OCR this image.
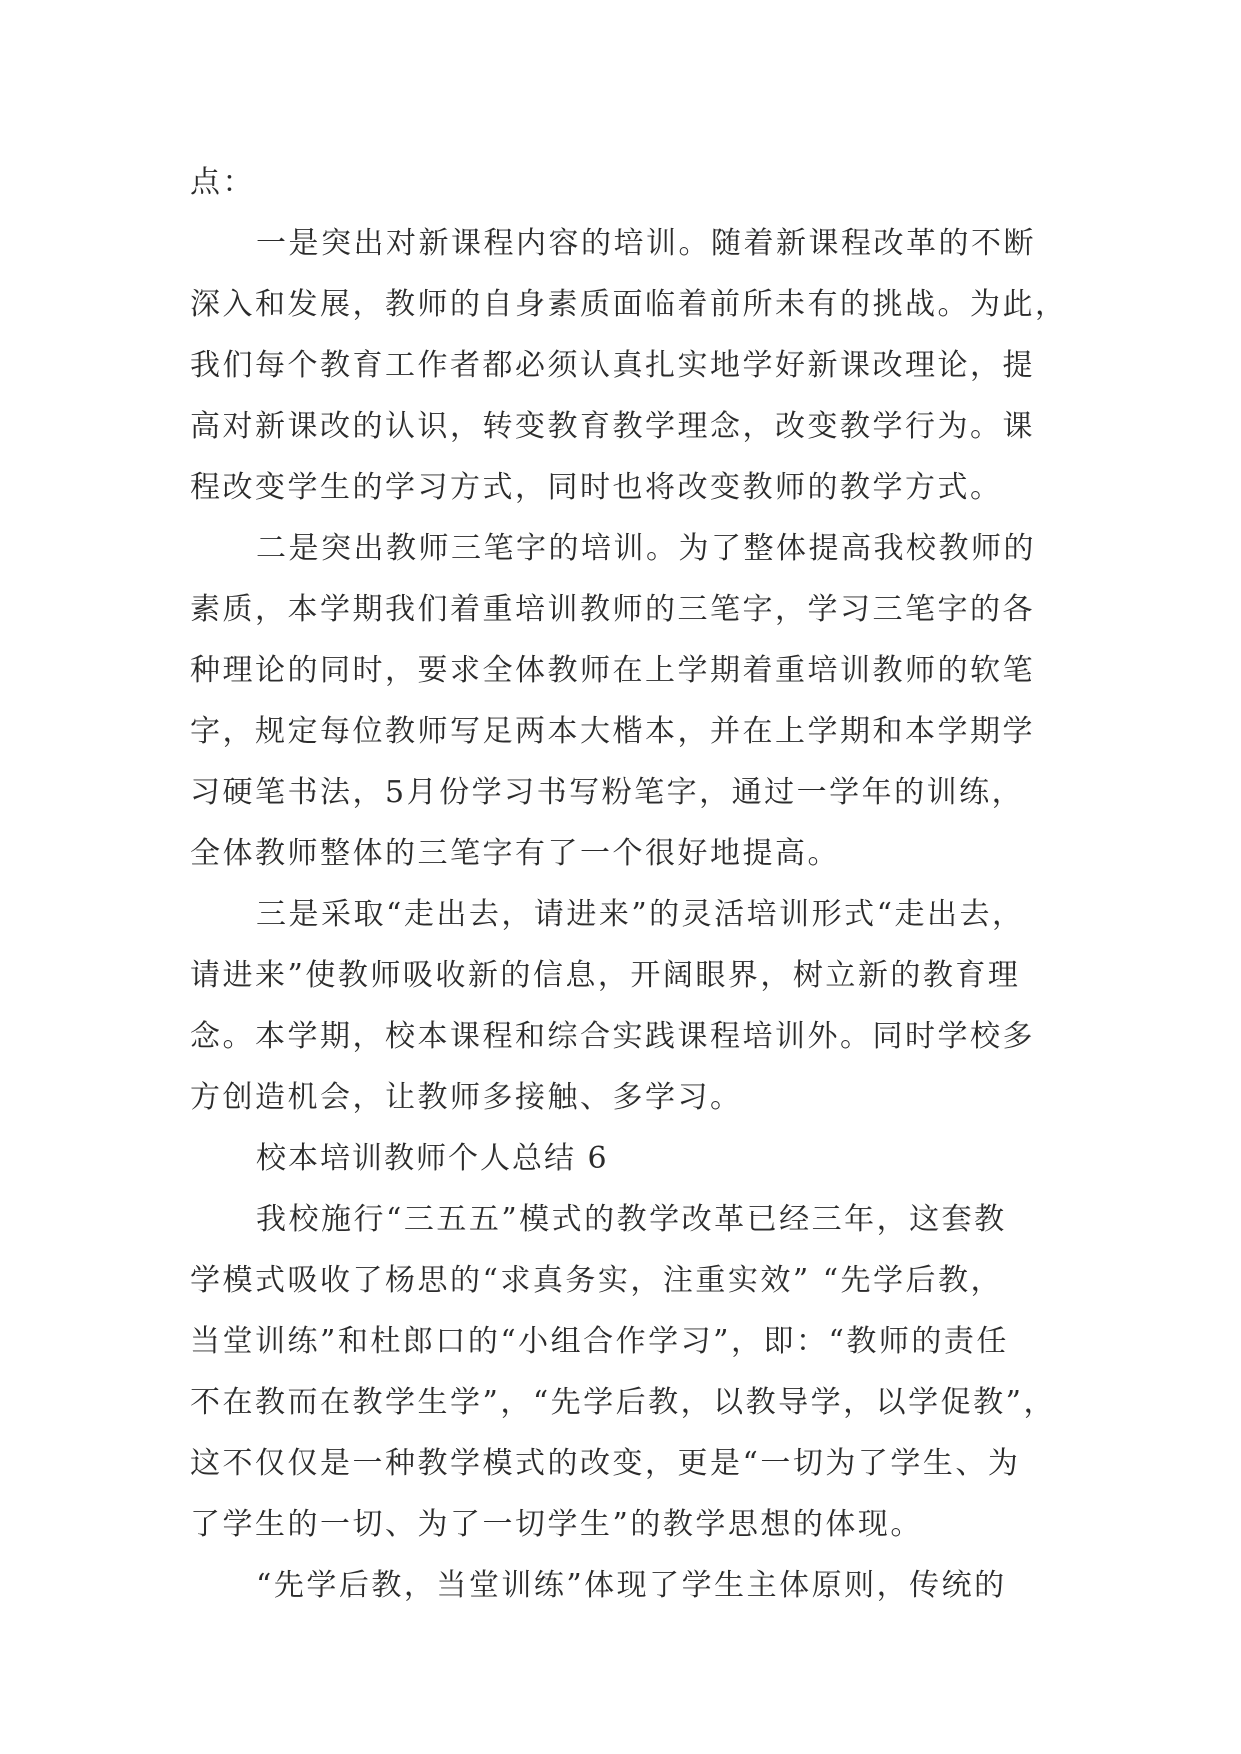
点：
一是突出对新课程内容的培训。随着新课程改革的不断
深入和发展，教师的自身素质面临着前所未有的挑战。为此，
我们每个教育工作者都必须认真扎实地学好新课改理论，提
高对新课改的认识，转变教育教学理念，改变教学行为。课
程改变学生的学习方式，同时也将改变教师的教学方式。
二是突出教师三笔字的培训。为了整体提高我校教师的
素质，本学期我们着重培训教师的三笔字，学习三笔字的各
种理论的同时，要求全体教师在上学期着重培训教师的软笔
字，规定每位教师写足两本大楷本，并在上学期和本学期学
习硬笔书法，5月份学习书写粉笔字，通过一学年的训练，
全体教师整体的三笔字有了一个很好地提高。
三是采取“走出去，请进来”的灵活培训形式“走出去，
请进来”使教师吸收新的信息，开阔眼界，树立新的教育理
念。本学期，校本课程和综合实践课程培训外。同时学校多
方创造机会，让教师多接触、多学习。
校本培训教师个人总结 6
我校施行“三五五”模式的教学改革已经三年，这套教
学模式吸收了杨思的“求真务实，注重实效” “先学后教，
当堂训练”和杜郎口的“小组合作学习”，即：“教师的责任
不在教而在教学生学”，“先学后教，以教导学，以学促教”，
这不仅仅是一种教学模式的改变，更是“一切为了学生、为
了学生的一切、为了一切学生”的教学思想的体现。
“先学后教，当堂训练”体现了学生主体原则，传统的
